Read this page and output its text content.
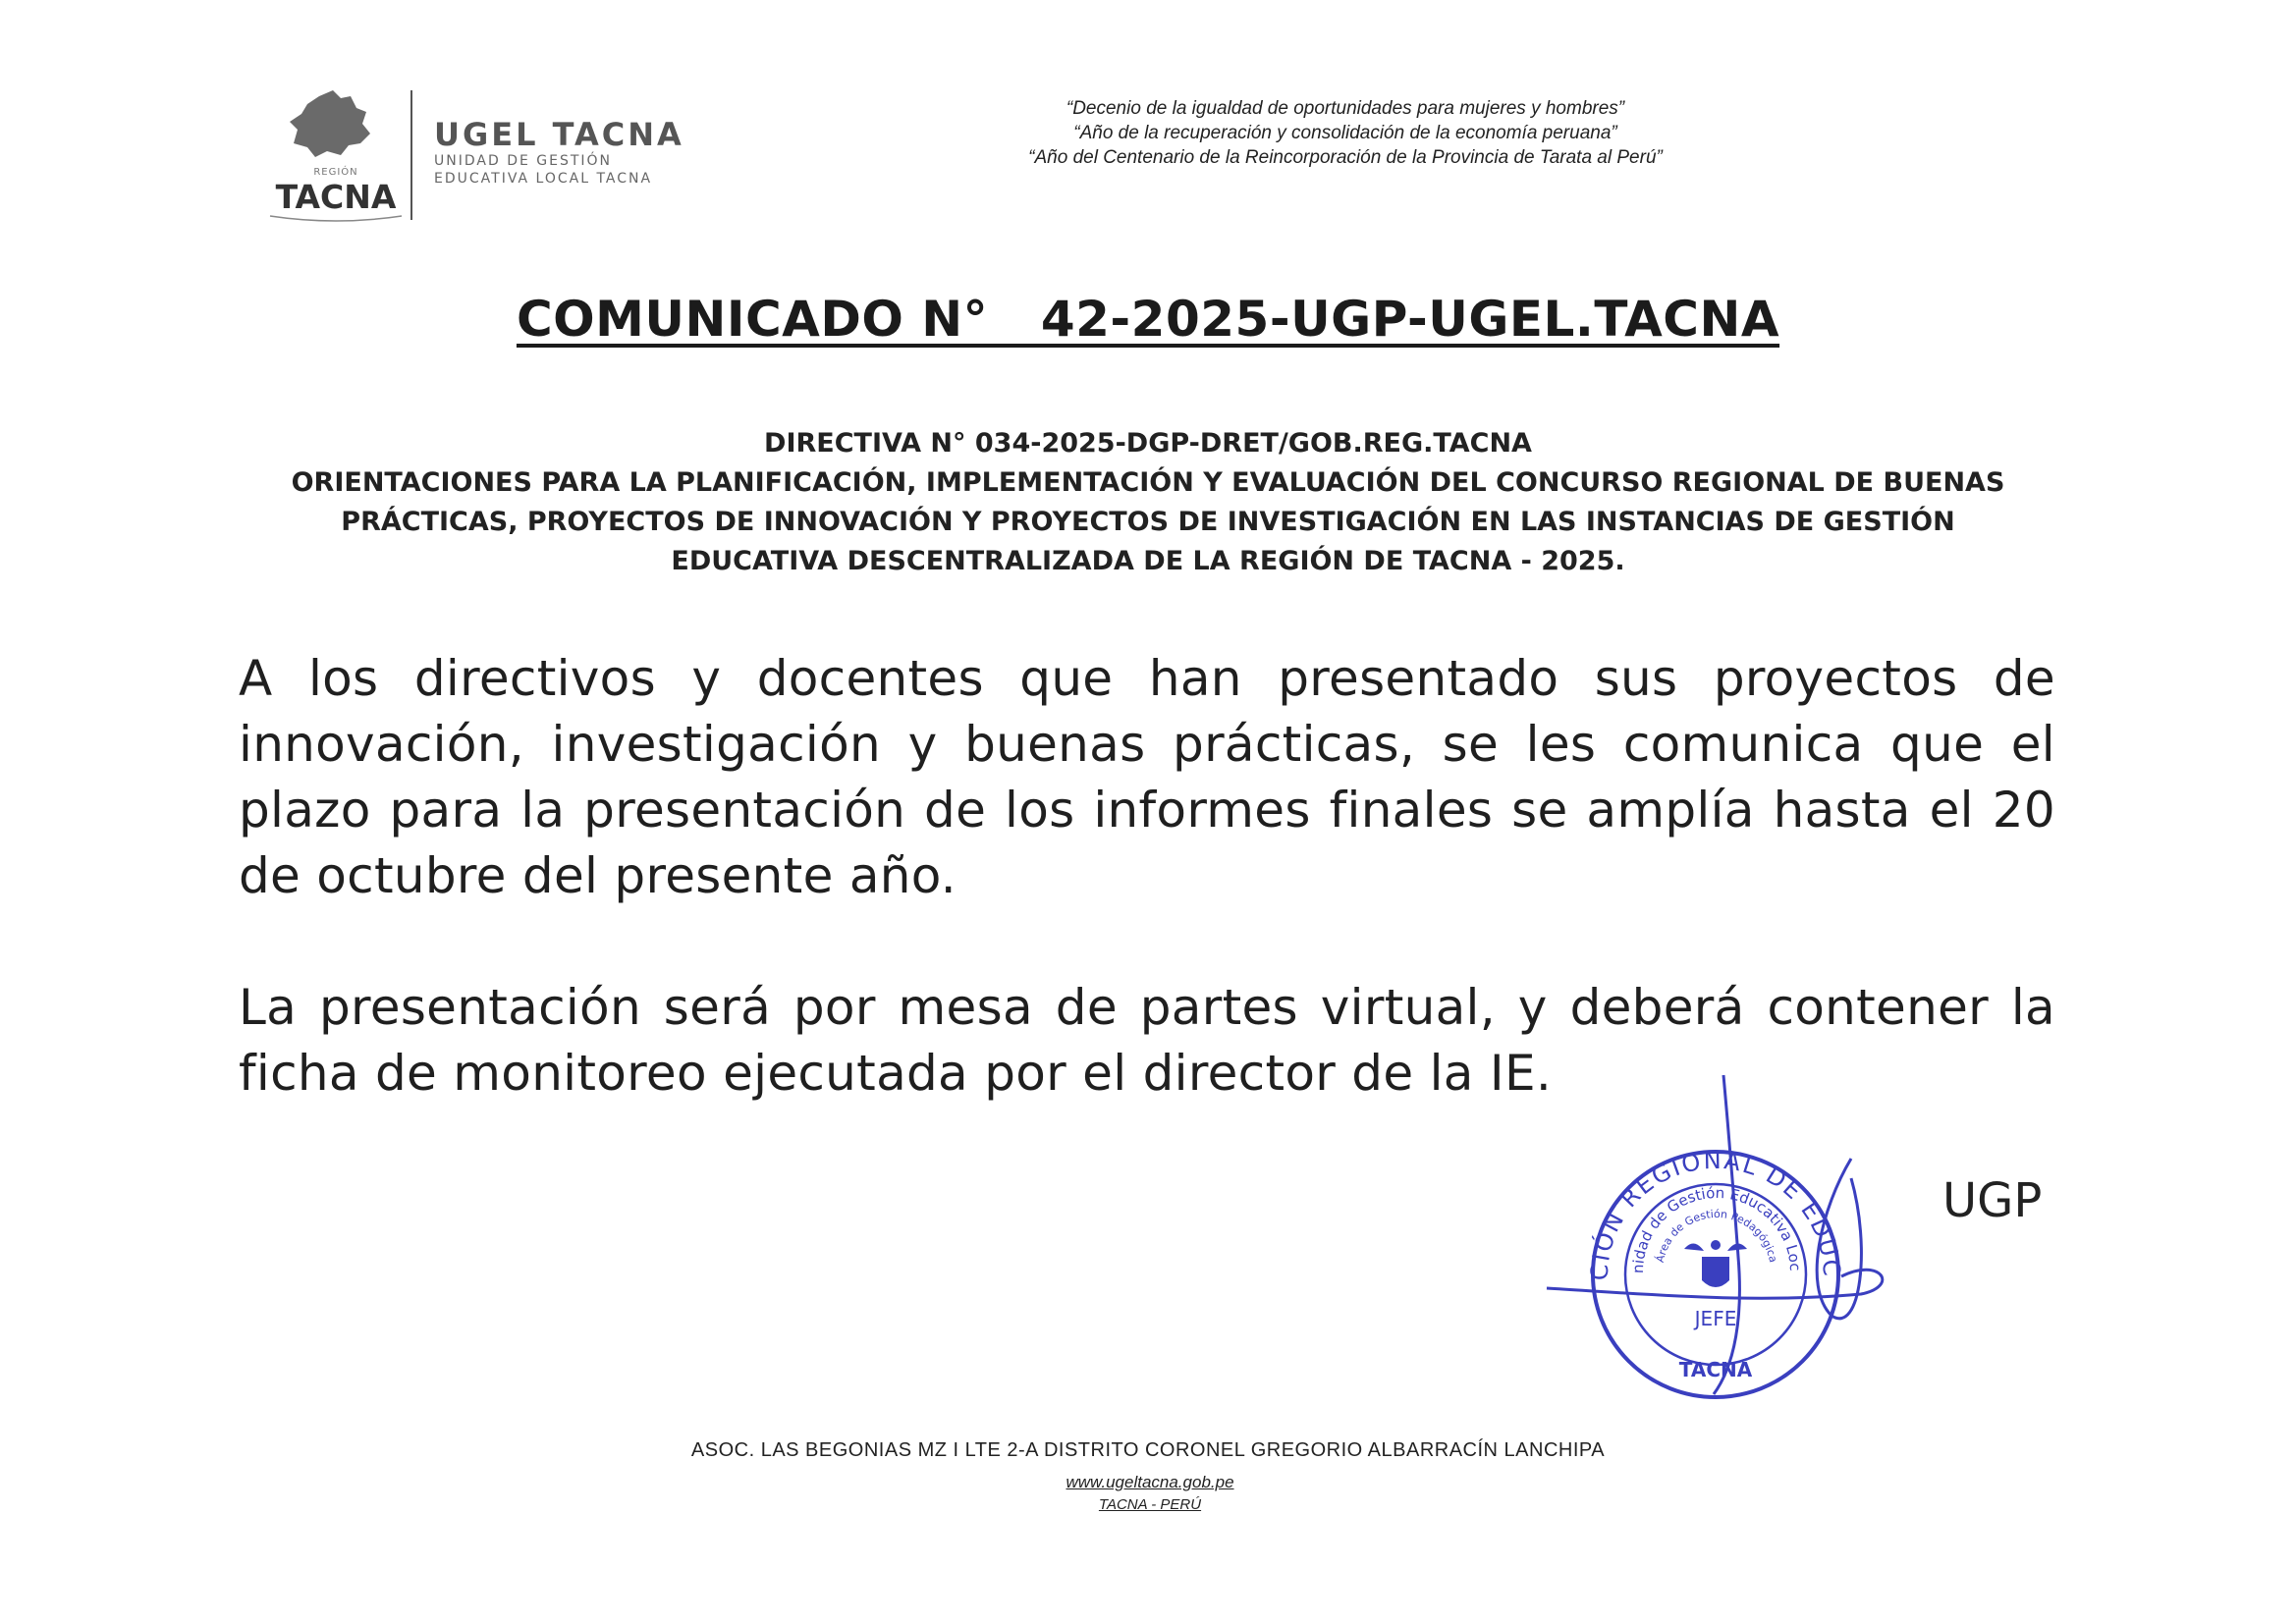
REGIÓN
TACNA
UGEL TACNA
UNIDAD DE GESTIÓN
EDUCATIVA LOCAL TACNA
“Decenio de la igualdad de oportunidades para mujeres y hombres”
“Año de la recuperación y consolidación de la economía peruana”
“Año del Centenario de la Reincorporación de la Provincia de Tarata al Perú”
COMUNICADO N°   42-2025-UGP-UGEL.TACNA
DIRECTIVA N° 034-2025-DGP-DRET/GOB.REG.TACNA
ORIENTACIONES PARA LA PLANIFICACIÓN, IMPLEMENTACIÓN Y EVALUACIÓN DEL CONCURSO REGIONAL DE BUENAS
PRÁCTICAS, PROYECTOS DE INNOVACIÓN Y PROYECTOS DE INVESTIGACIÓN EN LAS INSTANCIAS DE GESTIÓN
EDUCATIVA DESCENTRALIZADA DE LA REGIÓN DE TACNA - 2025.
A los directivos y docentes que han presentado sus proyectos de
innovación, investigación y buenas prácticas, se les comunica que el
plazo para la presentación de los informes finales se amplía hasta el 20
de octubre del presente año.
La presentación será por mesa de partes virtual, y deberá contener la
ficha de monitoreo ejecutada por el director de la IE.
UGP
CIÓN REGIONAL DE EDUC
nidad de Gestión Educativa Loc
Área de Gestión Pedagógica
JEFE
TACNA
ASOC. LAS BEGONIAS MZ I LTE 2-A DISTRITO CORONEL GREGORIO ALBARRACÍN LANCHIPA
www.ugeltacna.gob.pe
TACNA - PERÚ
